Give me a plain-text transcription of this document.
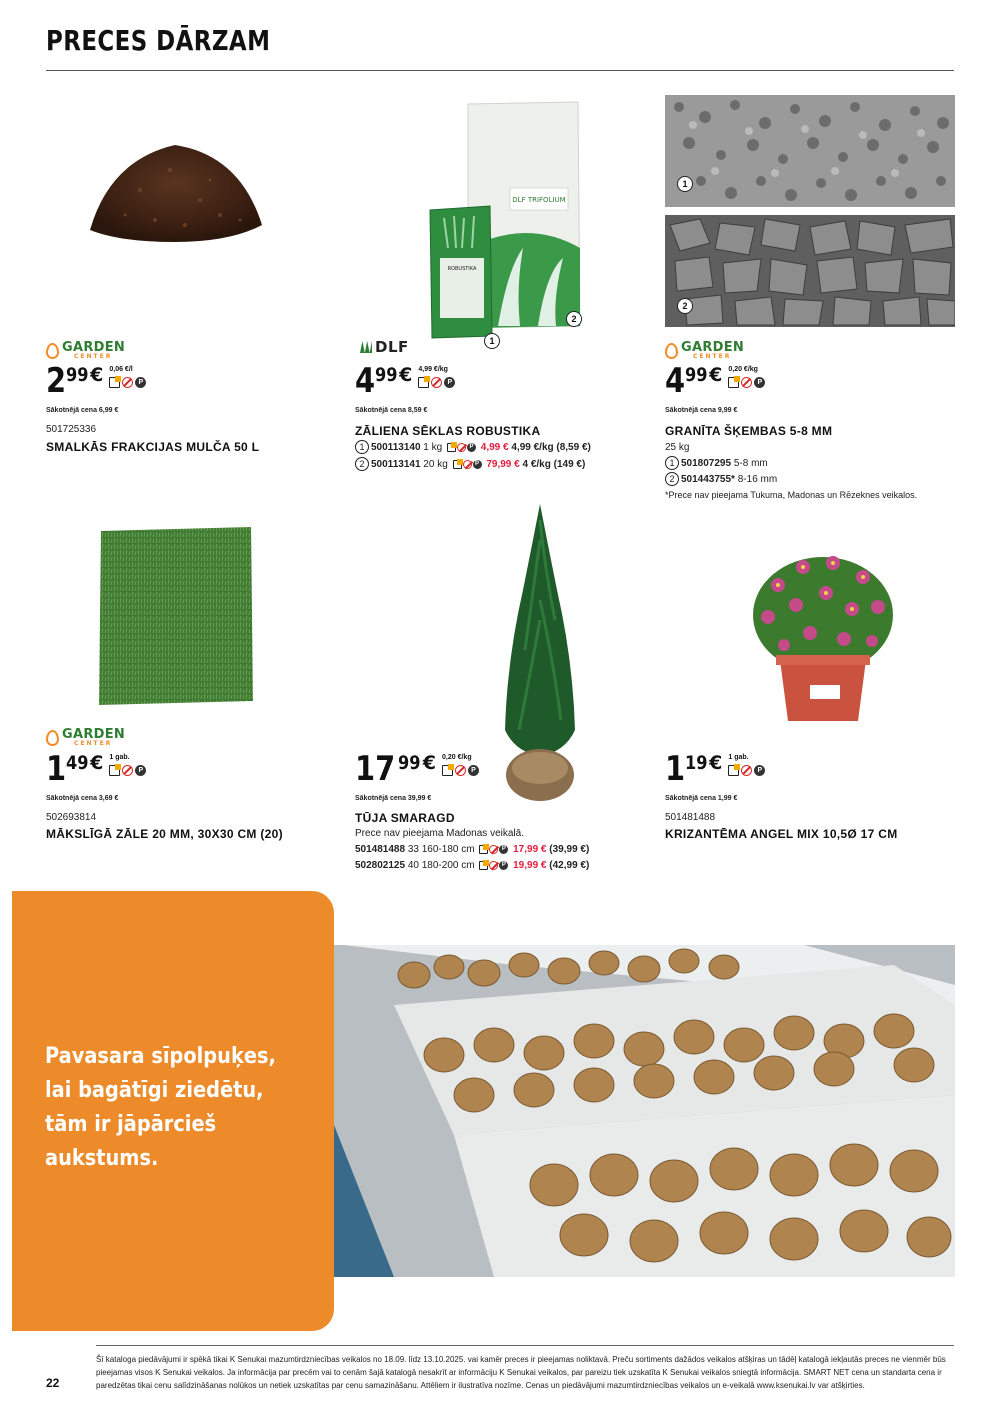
PRECES DĀRZAM
GARDEN
CENTER
2 99 € 0,06 €/l
P
Sākotnējā cena 6,99 €
501725336
SMALKĀS FRAKCIJAS MULČA 50 L
DLF TRIFOLIUM
ROBUSTIKA
1
2
DLF
4 99 € 4,99 €/kg
P
Sākotnējā cena 8,59 €
ZĀLIENA SĒKLAS ROBUSTIKA
1 500113140 1 kg	P 4,99 € 4,99 €/kg (8,59 €)
2 500113141 20 kg	P 79,99 € 4 €/kg (149 €)
1
2
GARDEN
CENTER
4 99 € 0,20 €/kg
P
Sākotnējā cena 9,99 €
GRANĪTA ŠĶEMBAS 5-8 MM
25 kg
1 501807295 5-8 mm
2 501443755* 8-16 mm
*Prece nav pieejama Tukuma, Madonas un Rēzeknes veikalos.
GARDEN
CENTER
1 49 € 1 gab.
P
Sākotnējā cena 3,69 €
502693814
MĀKSLĪGĀ ZĀLE 20 MM, 30X30 CM (20)
17 99 € 0,20 €/kg
P
Sākotnējā cena 39,99 €
TŪJA SMARAGD
Prece nav pieejama Madonas veikalā.
501481488 33 160-180 cm	P 17,99 € (39,99 €)
502802125 40 180-200 cm	P 19,99 € (42,99 €)
1 19 € 1 gab.
P
Sākotnējā cena 1,99 €
501481488
KRIZANTĒMA ANGEL MIX 10,5Ø 17 CM
Pavasara sīpolpuķes,
lai bagātīgi ziedētu,
tām ir jāpārcieš
aukstums.
22
Šī kataloga piedāvājumi ir spēkā tikai K Senukai mazumtirdzniecības veikalos no 18.09. līdz 13.10.2025. vai kamēr preces ir pieejamas noliktavā. Preču sortiments dažādos veikalos atšķiras un tādēļ katalogā iekļautās preces ne vienmēr būs pieejamas visos K Senukai veikalos. Ja informācija par precēm vai to cenām šajā katalogā nesakrīt ar informāciju K Senukai veikalos, par pareizu tiek uzskatīta K Senukai veikalos sniegtā informācija. SMART NET cena un standarta cena ir paredzētas tikai cenu salīdzināšanas nolūkos un netiek uzskatītas par cenu samazināšanu. Attēliem ir ilustratīva nozīme. Cenas un piedāvājumi mazumtirdzniecības veikalos un e-veikalā www.ksenukai.lv var atšķirties.
